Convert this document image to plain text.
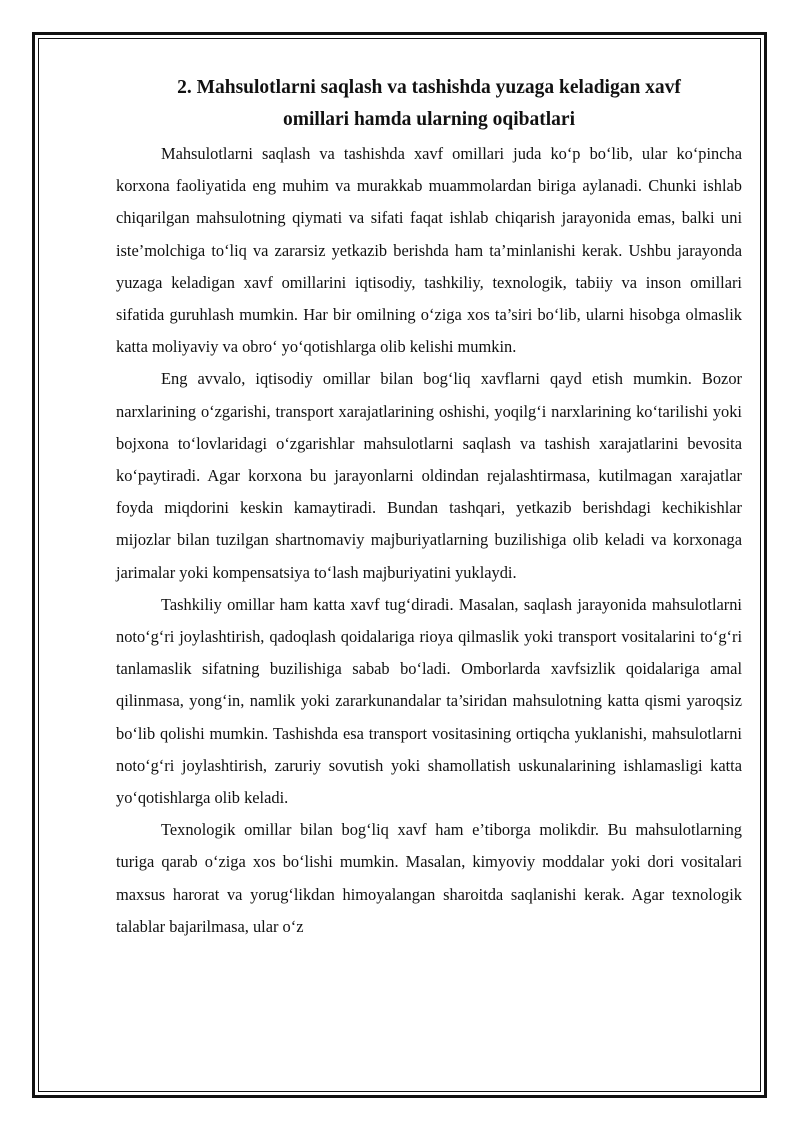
2. Mahsulotlarni saqlash va tashishda yuzaga keladigan xavf
omillari hamda ularning oqibatlari

Mahsulotlarni saqlash va tashishda xavf omillari juda ko‘p bo‘lib, ular ko‘pincha korxona faoliyatida eng muhim va murakkab muammolardan biriga aylanadi. Chunki ishlab chiqarilgan mahsulotning qiymati va sifati faqat ishlab chiqarish jarayonida emas, balki uni iste’molchiga to‘liq va zararsiz yetkazib berishda ham ta’minlanishi kerak. Ushbu jarayonda yuzaga keladigan xavf omillarini iqtisodiy, tashkiliy, texnologik, tabiiy va inson omillari sifatida guruhlash mumkin. Har bir omilning o‘ziga xos ta’siri bo‘lib, ularni hisobga olmaslik katta moliyaviy va obro‘ yo‘qotishlarga olib kelishi mumkin.

Eng avvalo, iqtisodiy omillar bilan bog‘liq xavflarni qayd etish mumkin. Bozor narxlarining o‘zgarishi, transport xarajatlarining oshishi, yoqilg‘i narxlarining ko‘tarilishi yoki bojxona to‘lovlaridagi o‘zgarishlar mahsulotlarni saqlash va tashish xarajatlarini bevosita ko‘paytiradi. Agar korxona bu jarayonlarni oldindan rejalashtirmasa, kutilmagan xarajatlar foyda miqdorini keskin kamaytiradi. Bundan tashqari, yetkazib berishdagi kechikishlar mijozlar bilan tuzilgan shartnomaviy majburiyatlarning buzilishiga olib keladi va korxonaga jarimalar yoki kompensatsiya to‘lash majburiyatini yuklaydi.

Tashkiliy omillar ham katta xavf tug‘diradi. Masalan, saqlash jarayonida mahsulotlarni noto‘g‘ri joylashtirish, qadoqlash qoidalariga rioya qilmaslik yoki transport vositalarini to‘g‘ri tanlamaslik sifatning buzilishiga sabab bo‘ladi. Omborlarda xavfsizlik qoidalariga amal qilinmasa, yong‘in, namlik yoki zararkunandalar ta’siridan mahsulotning katta qismi yaroqsiz bo‘lib qolishi mumkin. Tashishda esa transport vositasining ortiqcha yuklanishi, mahsulotlarni noto‘g‘ri joylashtirish, zaruriy sovutish yoki shamollatish uskunalarining ishlamasligi katta yo‘qotishlarga olib keladi.

Texnologik omillar bilan bog‘liq xavf ham e’tiborga molikdir. Bu mahsulotlarning turiga qarab o‘ziga xos bo‘lishi mumkin. Masalan, kimyoviy moddalar yoki dori vositalari maxsus harorat va yorug‘likdan himoyalangan sharoitda saqlanishi kerak. Agar texnologik talablar bajarilmasa, ular o‘z
